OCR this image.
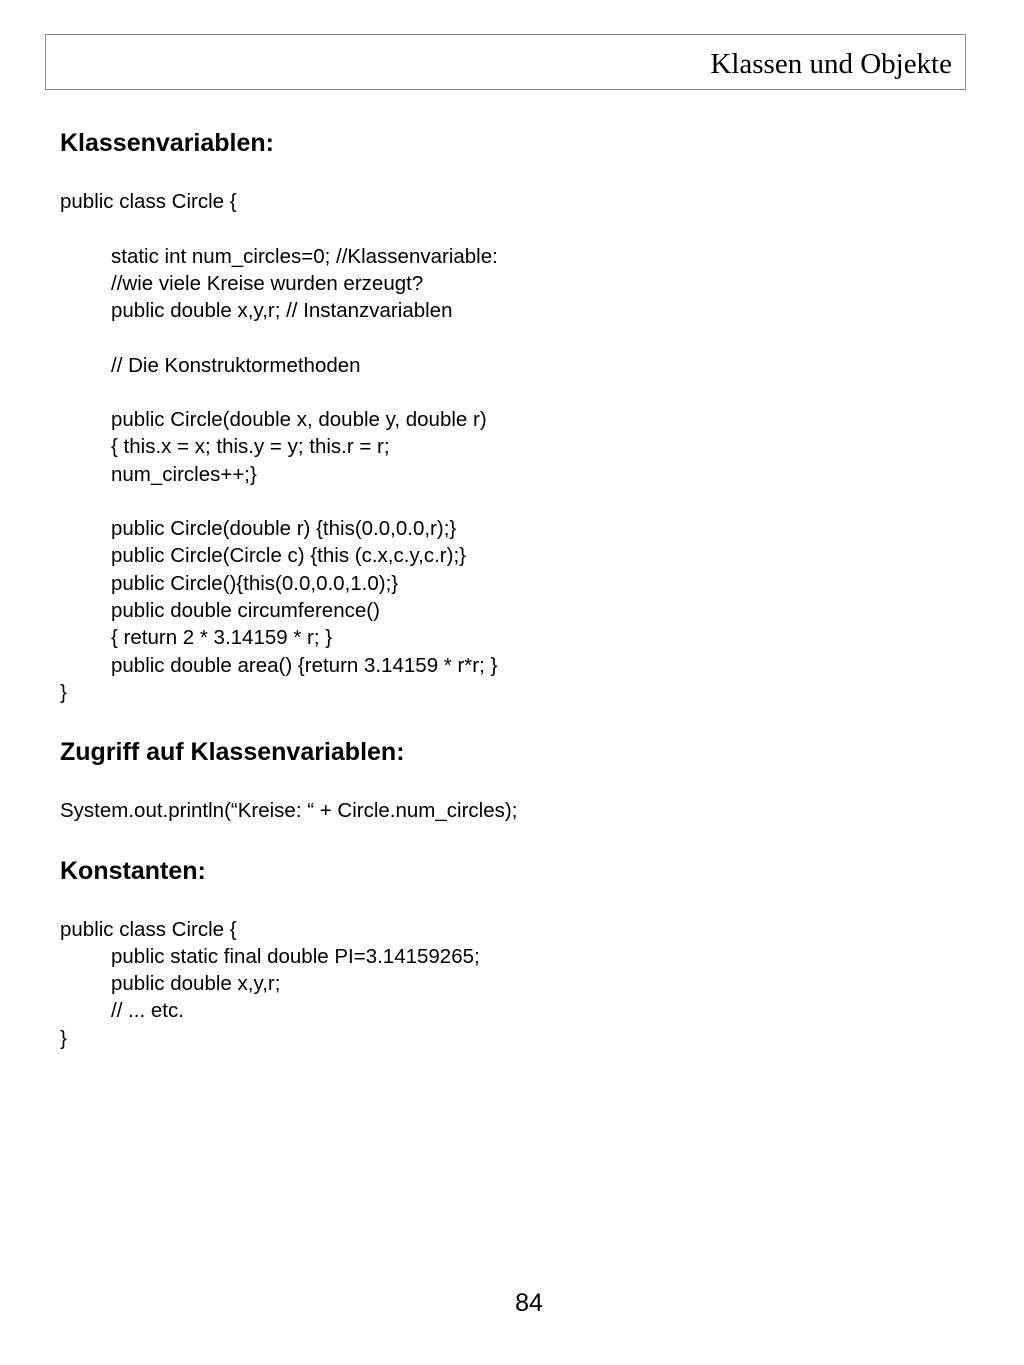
Klassen und Objekte
Klassenvariablen:
public class Circle {
static int num_circles=0; //Klassenvariable:
//wie viele Kreise wurden erzeugt?
public double x,y,r; // Instanzvariablen
// Die Konstruktormethoden
public Circle(double x, double y, double r)
{ this.x = x; this.y = y; this.r = r;
num_circles++;}
public Circle(double r) {this(0.0,0.0,r);}
public Circle(Circle c) {this (c.x,c.y,c.r);}
public Circle(){this(0.0,0.0,1.0);}
public double circumference()
{ return 2 * 3.14159 * r; }
public double area() {return 3.14159 * r*r; }
}
Zugriff auf Klassenvariablen:
System.out.println(“Kreise: “ + Circle.num_circles);
Konstanten:
public class Circle {
public static final double PI=3.14159265;
public double x,y,r;
// ... etc.
}
84
